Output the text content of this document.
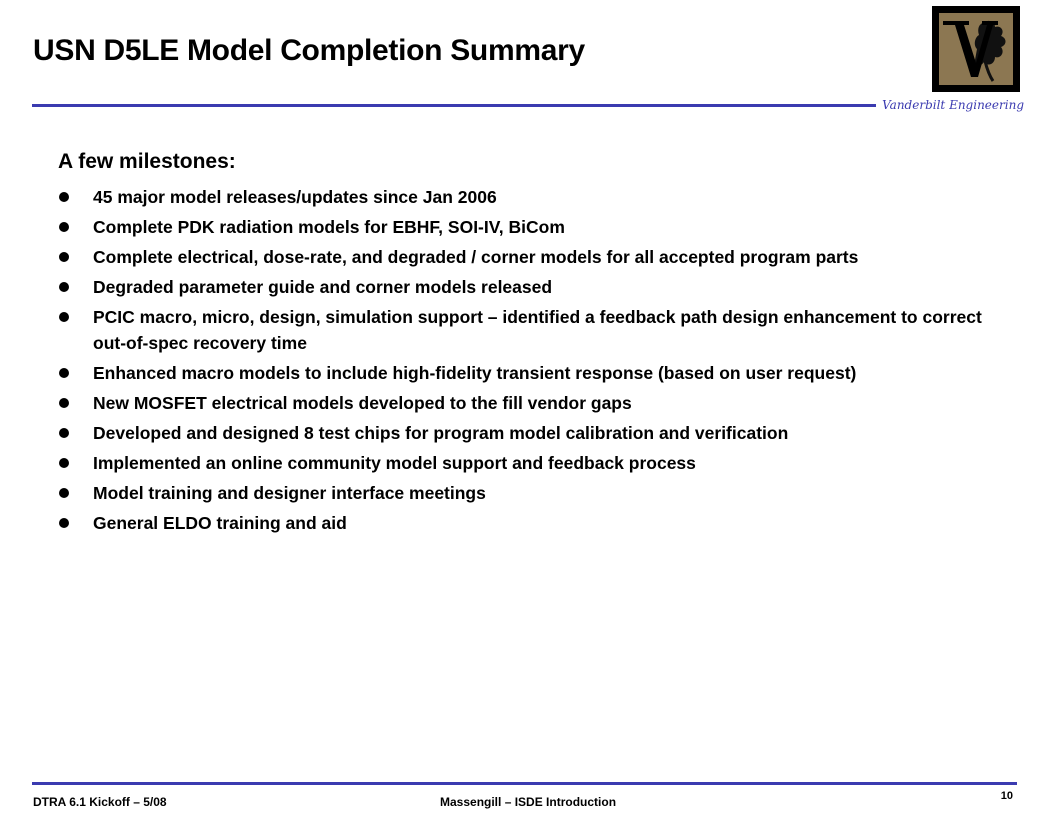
USN D5LE Model Completion Summary
Vanderbilt Engineering
A few milestones:
45 major model releases/updates since Jan 2006
Complete PDK radiation models for EBHF, SOI-IV, BiCom
Complete electrical, dose-rate, and degraded / corner models for all accepted program parts
Degraded parameter guide and corner models released
PCIC macro, micro, design, simulation support – identified a feedback path design enhancement to correct out-of-spec recovery time
Enhanced macro models to include high-fidelity transient response (based on user request)
New MOSFET electrical models developed to the fill vendor gaps
Developed and designed 8 test chips for program model calibration and verification
Implemented an online community model support and feedback process
Model training and designer interface meetings
General ELDO training and aid
DTRA 6.1 Kickoff – 5/08	Massengill – ISDE Introduction	10
